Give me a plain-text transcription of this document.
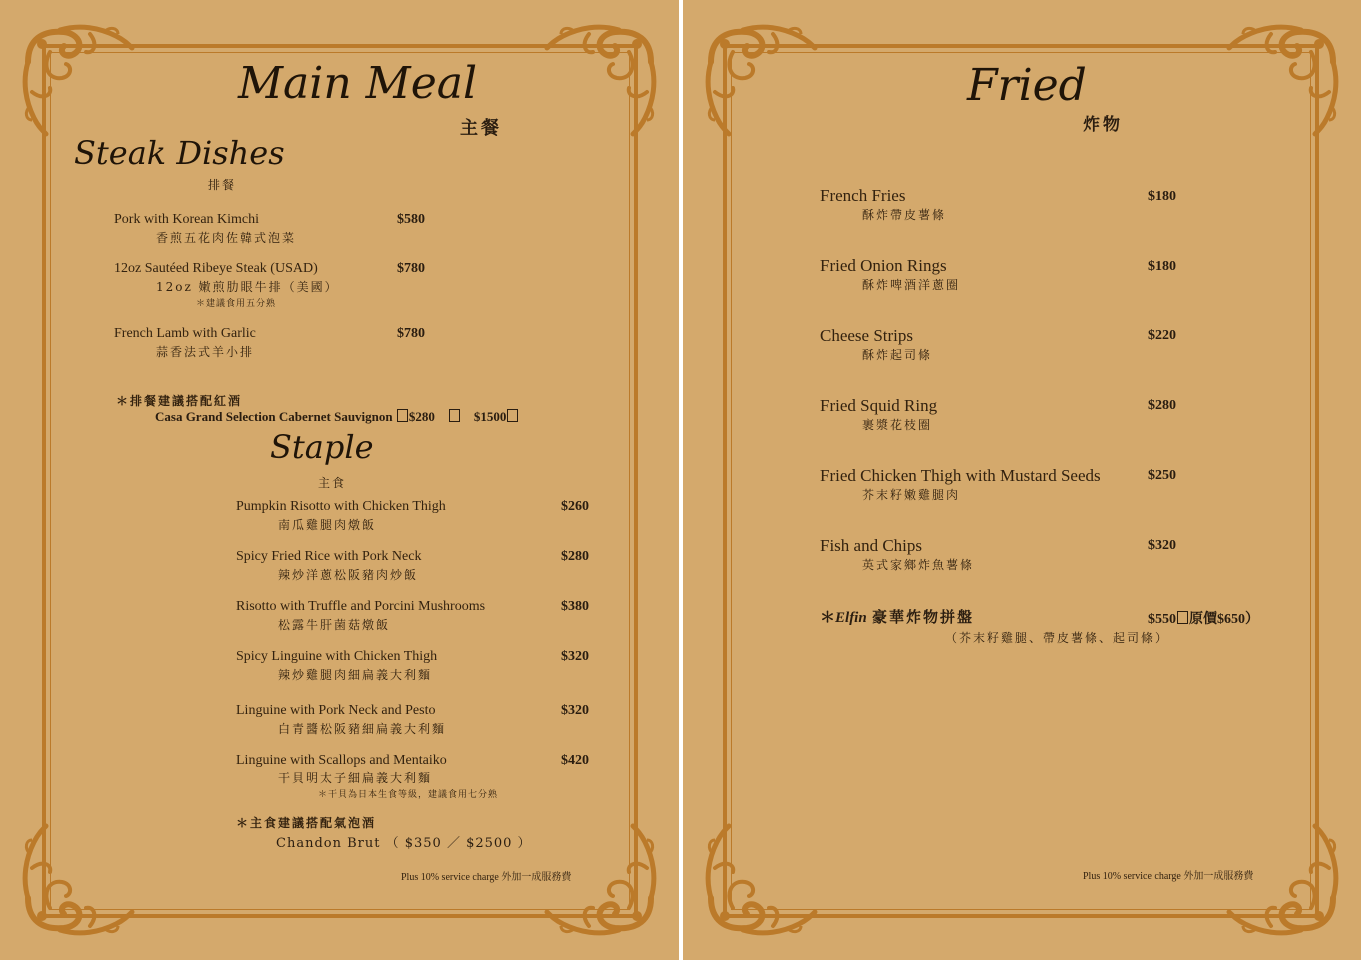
Main Meal
主餐
Steak Dishes
排餐
Pork with Korean Kimchi
香煎五花肉佐韓式泡菜
$580
12oz Sautéed Ribeye Steak (USAD)
12oz 嫩煎肋眼牛排（美國）
＊建議食用五分熟
$780
French Lamb with Garlic
蒜香法式羊小排
$780
＊排餐建議搭配紅酒
Casa Grand Selection Cabernet Sauvignon $280	$1500
Staple
主食
Pumpkin Risotto with Chicken Thigh
南瓜雞腿肉燉飯
$260
Spicy Fried Rice with Pork Neck
辣炒洋蔥松阪豬肉炒飯
$280
Risotto with Truffle and Porcini Mushrooms
松露牛肝菌菇燉飯
$380
Spicy Linguine with Chicken Thigh
辣炒雞腿肉細扁義大利麵
$320
Linguine with Pork Neck and Pesto
白青醬松阪豬細扁義大利麵
$320
Linguine with Scallops and Mentaiko
干貝明太子細扁義大利麵
＊干貝為日本生食等級，建議食用七分熟
$420
＊主食建議搭配氣泡酒
Chandon Brut （ $350 ／ $2500 ）
Plus 10% service charge 外加一成服務費
Fried
炸物
French Fries
酥炸帶皮薯條
$180
Fried Onion Rings
酥炸啤酒洋蔥圈
$180
Cheese Strips
酥炸起司條
$220
Fried Squid Ring
裹漿花枝圈
$280
Fried Chicken Thigh with Mustard Seeds
芥末籽嫩雞腿肉
$250
Fish and Chips
英式家鄉炸魚薯條
$320
＊Elfin 豪華炸物拼盤	$550 原價$650）
（芥末籽雞腿、帶皮薯條、起司條）
Plus 10% service charge 外加一成服務費
